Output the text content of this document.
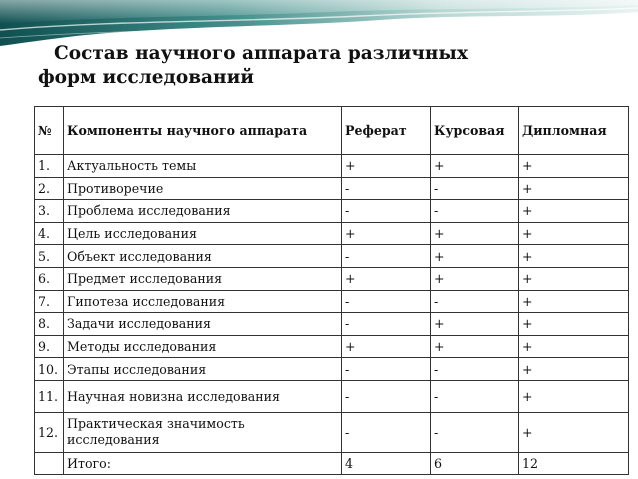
Состав научного аппарата различных
форм исследований
№	Компоненты научного аппарата	Реферат	Курсовая	Дипломная
1.	Актуальность темы	+	+	+
2.	Противоречие	-	-	+
3.	Проблема исследования	-	-	+
4.	Цель исследования	+	+	+
5.	Объект исследования	-	+	+
6.	Предмет исследования	+	+	+
7.	Гипотеза исследования	-	-	+
8.	Задачи исследования	-	+	+
9.	Методы исследования	+	+	+
10.	Этапы исследования	-	-	+
11.	Научная новизна исследования	-	-	+
12.	Практическая значимость исследования	-	-	+
	Итого:	4	6	12
